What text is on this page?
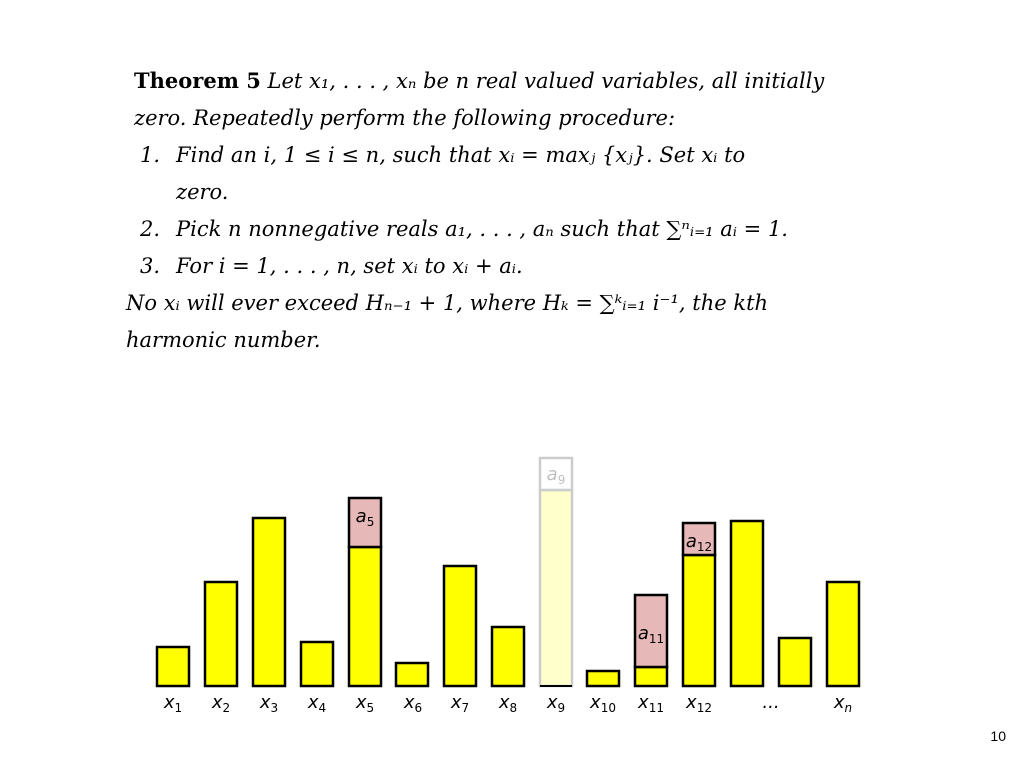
Theorem 5 Let x₁, . . . , xₙ be n real valued variables, all initially
zero. Repeatedly perform the following procedure:
1. Find an i, 1 ≤ i ≤ n, such that xᵢ = maxⱼ {xⱼ}. Set xᵢ to
zero.
2. Pick n nonnegative reals a₁, . . . , aₙ such that ∑ⁿᵢ₌₁ aᵢ = 1.
3. For i = 1, . . . , n, set xᵢ to xᵢ + aᵢ.
No xᵢ will ever exceed Hₙ₋₁ + 1, where Hₖ = ∑ᵏᵢ₌₁ i⁻¹, the kth
harmonic number.
$a_5$
$a_9$
$a_{11}$
$a_{12}$
$x_1$ $x_2$ $x_3$ $x_4$ $x_5$ $x_6$ $x_7$ $x_8$ $x_9$ $x_{10}$ $x_{11}$ $x_{12}$	...	$x_n$
10
